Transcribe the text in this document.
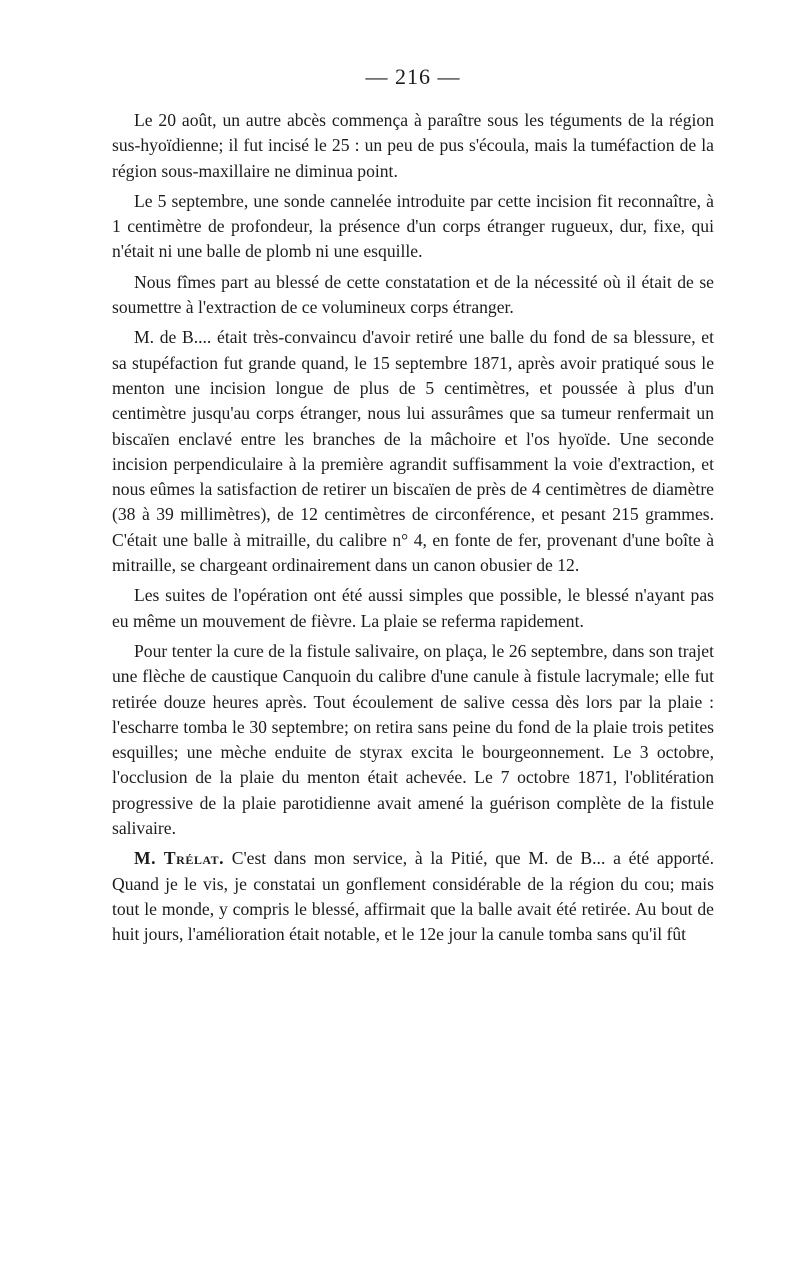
— 216 —

Le 20 août, un autre abcès commença à paraître sous les téguments de la région sus-hyoïdienne; il fut incisé le 25 : un peu de pus s'écoula, mais la tuméfaction de la région sous-maxillaire ne diminua point.

Le 5 septembre, une sonde cannelée introduite par cette incision fit reconnaître, à 1 centimètre de profondeur, la présence d'un corps étranger rugueux, dur, fixe, qui n'était ni une balle de plomb ni une esquille.

Nous fîmes part au blessé de cette constatation et de la nécessité où il était de se soumettre à l'extraction de ce volumineux corps étranger.

M. de B.... était très-convaincu d'avoir retiré une balle du fond de sa blessure, et sa stupéfaction fut grande quand, le 15 septembre 1871, après avoir pratiqué sous le menton une incision longue de plus de 5 centimètres, et poussée à plus d'un centimètre jusqu'au corps étranger, nous lui assurâmes que sa tumeur renfermait un biscaïen enclavé entre les branches de la mâchoire et l'os hyoïde. Une seconde incision perpendiculaire à la première agrandit suffisamment la voie d'extraction, et nous eûmes la satisfaction de retirer un biscaïen de près de 4 centimètres de diamètre (38 à 39 millimètres), de 12 centimètres de circonférence, et pesant 215 grammes. C'était une balle à mitraille, du calibre n° 4, en fonte de fer, provenant d'une boîte à mitraille, se chargeant ordinairement dans un canon obusier de 12.

Les suites de l'opération ont été aussi simples que possible, le blessé n'ayant pas eu même un mouvement de fièvre. La plaie se referma rapidement.

Pour tenter la cure de la fistule salivaire, on plaça, le 26 septembre, dans son trajet une flèche de caustique Canquoin du calibre d'une canule à fistule lacrymale; elle fut retirée douze heures après. Tout écoulement de salive cessa dès lors par la plaie : l'escharre tomba le 30 septembre; on retira sans peine du fond de la plaie trois petites esquilles; une mèche enduite de styrax excita le bourgeonnement. Le 3 octobre, l'occlusion de la plaie du menton était achevée. Le 7 octobre 1871, l'oblitération progressive de la plaie parotidienne avait amené la guérison complète de la fistule salivaire.

M. Trélat. C'est dans mon service, à la Pitié, que M. de B... a été apporté. Quand je le vis, je constatai un gonflement considérable de la région du cou; mais tout le monde, y compris le blessé, affirmait que la balle avait été retirée. Au bout de huit jours, l'amélioration était notable, et le 12e jour la canule tomba sans qu'il fût
